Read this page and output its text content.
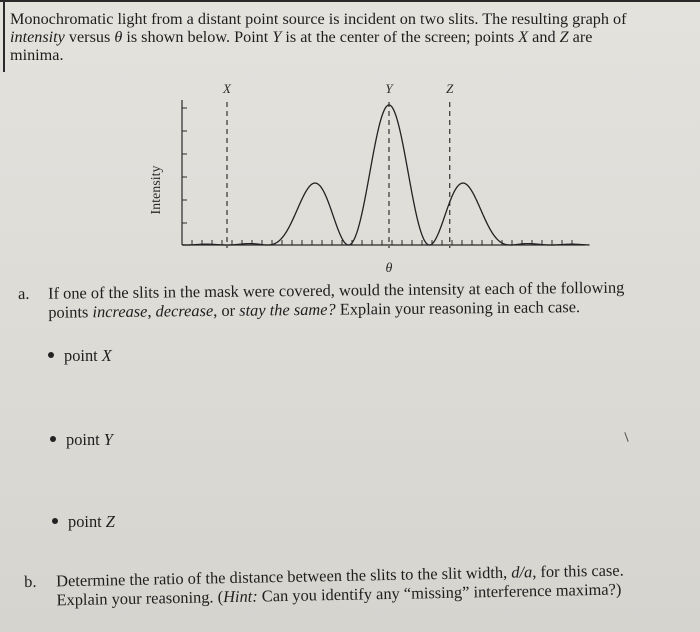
Monochromatic light from a distant point source is incident on two slits. The resulting graph of

intensity versus θ is shown below. Point Y is at the center of the screen; points X and Z are

minima.

Intensity
X	Y	Z
θ
a. If one of the slits in the mask were covered, would the intensity at each of the following
points increase, decrease, or stay the same? Explain your reasoning in each case.
point X
point Y
point Z
b. Determine the ratio of the distance between the slits to the slit width, d/a, for this case.
Explain your reasoning. (Hint: Can you identify any “missing” interference maxima?)
